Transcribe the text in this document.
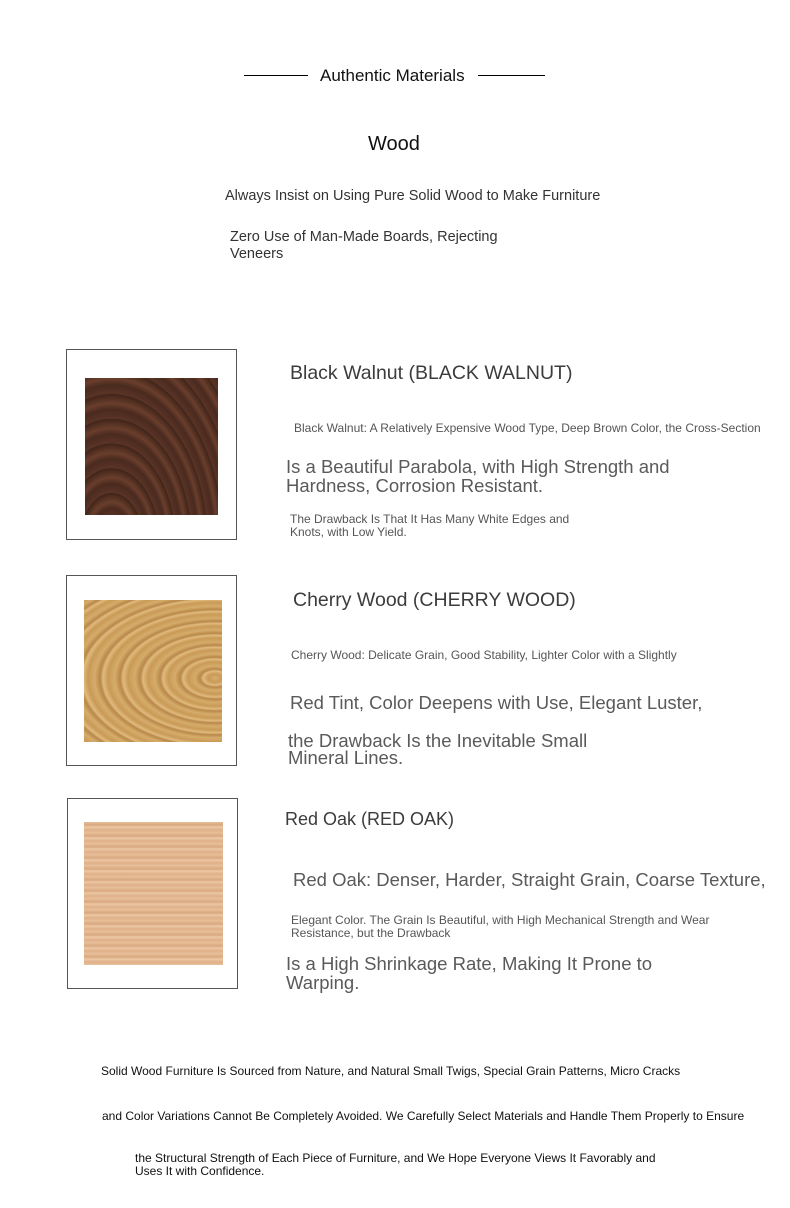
Authentic Materials
Wood
Always Insist on Using Pure Solid Wood to Make Furniture
Zero Use of Man-Made Boards, Rejecting Veneers
Black Walnut (BLACK WALNUT)
Black Walnut: A Relatively Expensive Wood Type, Deep Brown Color, the Cross-Section
Is a Beautiful Parabola, with High Strength and Hardness, Corrosion Resistant.
The Drawback Is That It Has Many White Edges and Knots, with Low Yield.
Cherry Wood (CHERRY WOOD)
Cherry Wood: Delicate Grain, Good Stability, Lighter Color with a Slightly
Red Tint, Color Deepens with Use, Elegant Luster,
the Drawback Is the Inevitable Small Mineral Lines.
Red Oak (RED OAK)
Red Oak: Denser, Harder, Straight Grain, Coarse Texture,
Elegant Color. The Grain Is Beautiful, with High Mechanical Strength and Wear Resistance, but the Drawback
Is a High Shrinkage Rate, Making It Prone to Warping.
Solid Wood Furniture Is Sourced from Nature, and Natural Small Twigs, Special Grain Patterns, Micro Cracks
and Color Variations Cannot Be Completely Avoided. We Carefully Select Materials and Handle Them Properly to Ensure
the Structural Strength of Each Piece of Furniture, and We Hope Everyone Views It Favorably and Uses It with Confidence.
